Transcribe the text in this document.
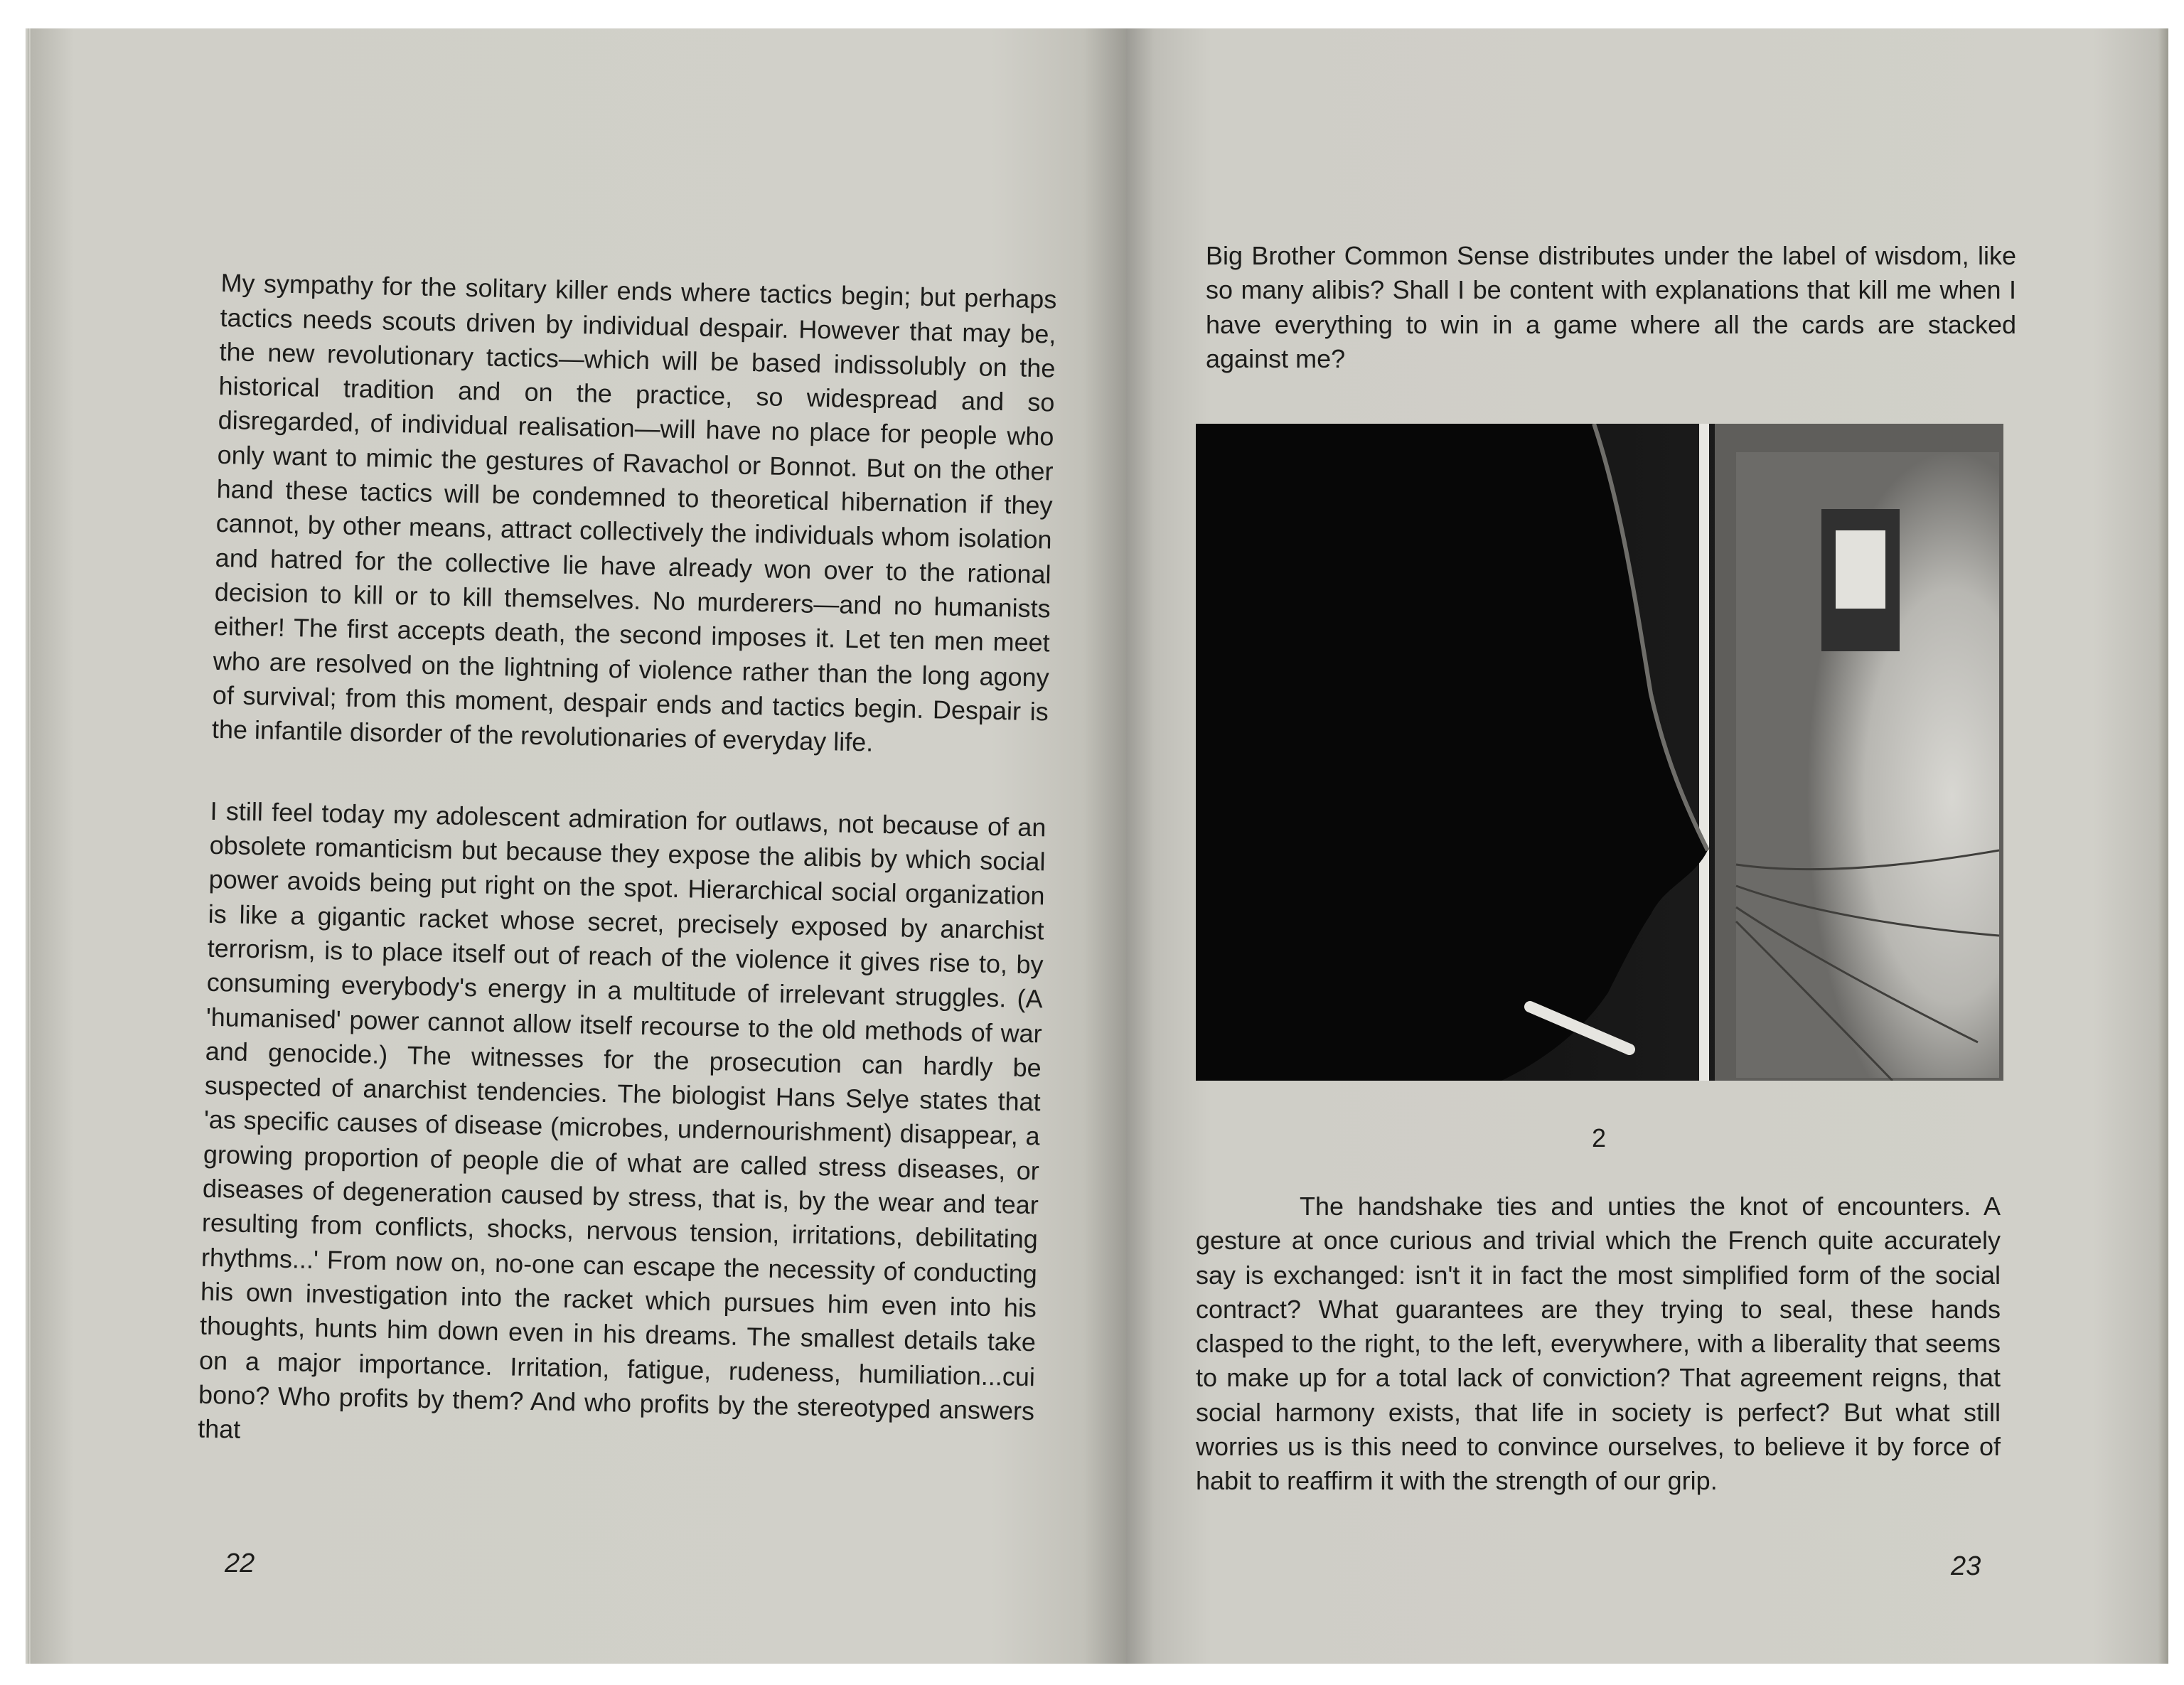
My sympathy for the solitary killer ends where tactics begin; but perhaps tactics needs scouts driven by individual despair. However that may be, the new revolutionary tactics—which will be based indissolubly on the historical tradition and on the practice, so widespread and so disregarded, of individual realisation—will have no place for people who only want to mimic the gestures of Ravachol or Bonnot. But on the other hand these tactics will be condemned to theoretical hibernation if they cannot, by other means, attract collectively the individuals whom isolation and hatred for the collective lie have already won over to the rational decision to kill or to kill themselves. No murderers—and no humanists either! The first accepts death, the second imposes it. Let ten men meet who are resolved on the lightning of violence rather than the long agony of survival; from this moment, despair ends and tactics begin. Despair is the infantile disorder of the revolutionaries of everyday life.

I still feel today my adolescent admiration for outlaws, not because of an obsolete romanticism but because they expose the alibis by which social power avoids being put right on the spot. Hierarchical social organization is like a gigantic racket whose secret, precisely exposed by anarchist terrorism, is to place itself out of reach of the violence it gives rise to, by consuming everybody's energy in a multitude of irrelevant struggles. (A 'humanised' power cannot allow itself recourse to the old methods of war and genocide.) The witnesses for the prosecution can hardly be suspected of anarchist tendencies. The biologist Hans Selye states that 'as specific causes of disease (microbes, undernourishment) disappear, a growing proportion of people die of what are called stress diseases, or diseases of degeneration caused by stress, that is, by the wear and tear resulting from conflicts, shocks, nervous tension, irritations, debilitating rhythms...' From now on, no-one can escape the necessity of conducting his own investigation into the racket which pursues him even into his thoughts, hunts him down even in his dreams. The smallest details take on a major importance. Irritation, fatigue, rudeness, humiliation...cui bono? Who profits by them? And who profits by the stereotyped answers that

22
Big Brother Common Sense distributes under the label of wisdom, like so many alibis? Shall I be content with explanations that kill me when I have everything to win in a game where all the cards are stacked against me?
2
The handshake ties and unties the knot of encounters. A gesture at once curious and trivial which the French quite accurately say is exchanged: isn't it in fact the most simplified form of the social contract? What guarantees are they trying to seal, these hands clasped to the right, to the left, everywhere, with a liberality that seems to make up for a total lack of conviction? That agreement reigns, that social harmony exists, that life in society is perfect? But what still worries us is this need to convince ourselves, to believe it by force of habit to reaffirm it with the strength of our grip.
23
